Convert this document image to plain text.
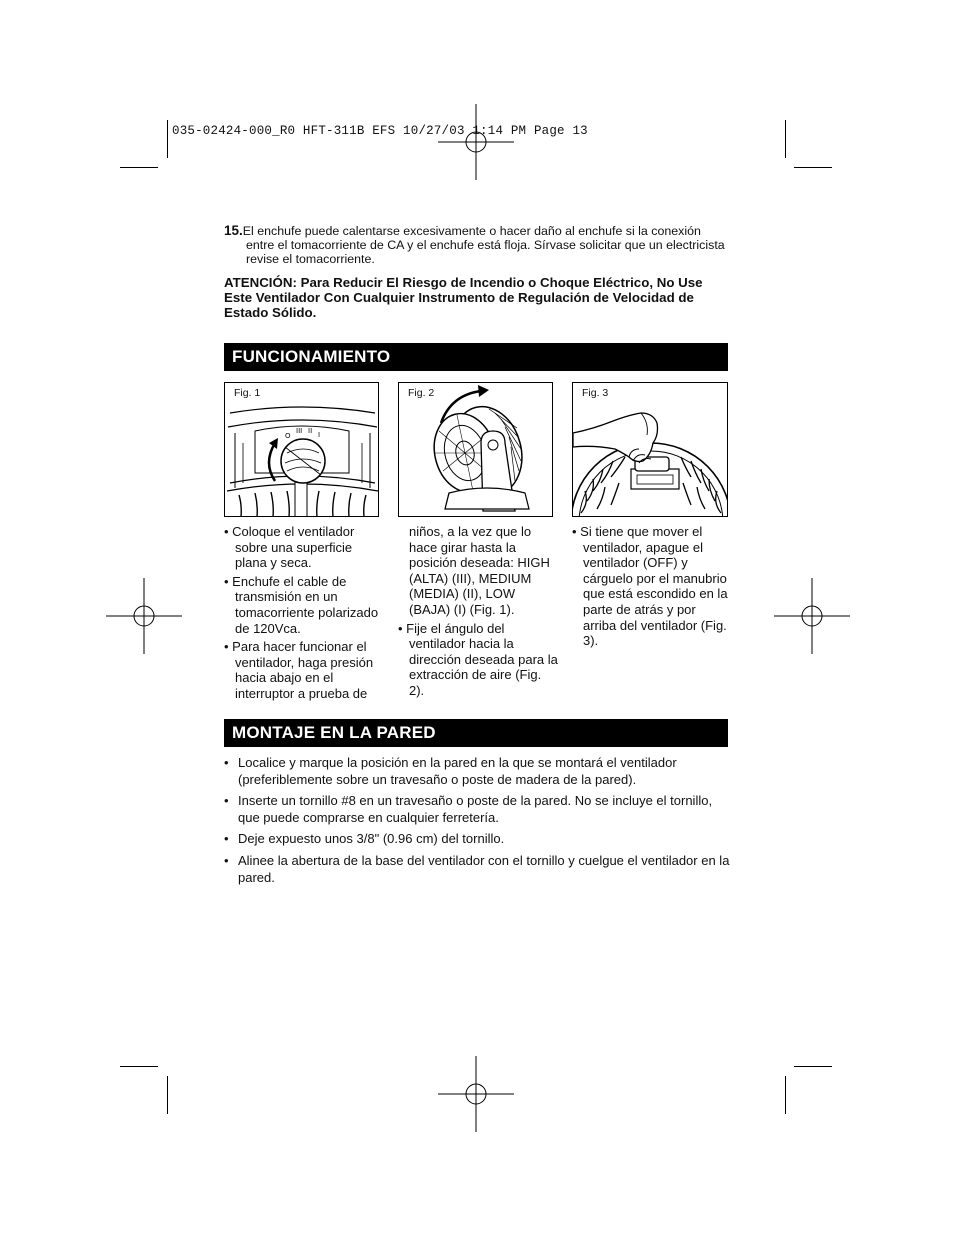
035-02424-000_R0 HFT-311B EFS 10/27/03 1:14 PM Page 13
15.El enchufe puede calentarse excesivamente o hacer daño al enchufe si la conexión entre el tomacorriente de CA y el enchufe está floja. Sírvase solicitar que un electricista revise el tomacorriente.
ATENCIÓN: Para Reducir El Riesgo de Incendio o Choque Eléctrico, No Use Este Ventilador Con Cualquier Instrumento de Regulación de Velocidad de Estado Sólido.
FUNCIONAMIENTO
O
III II I
Fig. 1	Fig. 2	Fig. 3
• Coloque el ventilador sobre una superficie plana y seca.
• Enchufe el cable de transmisión en un tomacorriente polarizado de 120Vca.
• Para hacer funcionar el ventilador, haga presión hacia abajo en el interruptor a prueba de
niños, a la vez que lo hace girar hasta la posición deseada: HIGH (ALTA) (III), MEDIUM (MEDIA) (II), LOW (BAJA) (I) (Fig. 1).
• Fije el ángulo del ventilador hacia la dirección deseada para la extracción de aire (Fig. 2).
• Si tiene que mover el ventilador, apague el ventilador (OFF) y cárguelo por el manubrio que está escondido en la parte de atrás y por arriba del ventilador (Fig. 3).
MONTAJE EN LA PARED
• Localice y marque la posición en la pared en la que se montará el ventilador (preferiblemente sobre un travesaño o poste de madera de la pared).
• Inserte un tornillo #8 en un travesaño o poste de la pared. No se incluye el tornillo, que puede comprarse en cualquier ferretería.
• Deje expuesto unos 3/8" (0.96 cm) del tornillo.
• Alinee la abertura de la base del ventilador con el tornillo y cuelgue el ventilador en la pared.
